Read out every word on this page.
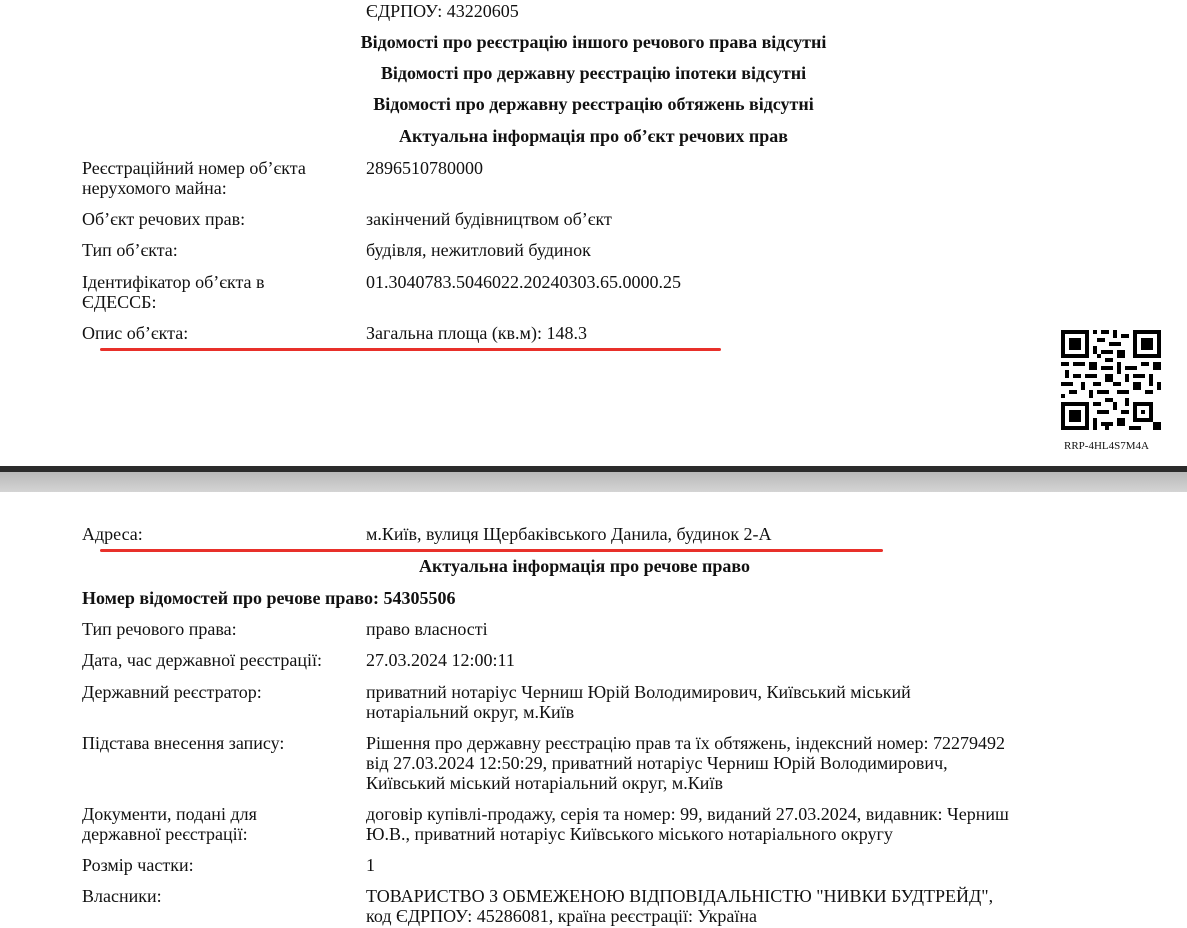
ЄДРПОУ: 43220605
Відомості про реєстрацію іншого речового права відсутні
Відомості про державну реєстрацію іпотеки відсутні
Відомості про державну реєстрацію обтяжень відсутні
Актуальна інформація про об’єкт речових прав
Реєстраційний номер об’єкта
нерухомого майна:
2896510780000
Об’єкт речових прав:	закінчений будівництвом об’єкт
Тип об’єкта:	будівля, нежитловий будинок
Ідентифікатор об’єкта в
ЄДЕССБ:
01.3040783.5046022.20240303.65.0000.25
Опис об’єкта:	Загальна площа (кв.м): 148.3
RRP-4HL4S7M4A
Адреса:	м.Київ, вулиця Щербаківського Данила, будинок 2-А
Актуальна інформація про речове право
Номер відомостей про речове право: 54305506
Тип речового права:	право власності
Дата, час державної реєстрації: 27.03.2024 12:00:11
Державний реєстратор:	приватний нотаріус Черниш Юрій Володимирович, Київський міський
нотаріальний округ, м.Київ
Підстава внесення запису:	Рішення про державну реєстрацію прав та їх обтяжень, індексний номер: 72279492
від 27.03.2024 12:50:29, приватний нотаріус Черниш Юрій Володимирович,
Київський міський нотаріальний округ, м.Київ
Документи, подані для
державної реєстрації:
договір купівлі-продажу, серія та номер: 99, виданий 27.03.2024, видавник: Черниш
Ю.В., приватний нотаріус Київського міського нотаріального округу
Розмір частки:	1
Власники:	ТОВАРИСТВО З ОБМЕЖЕНОЮ ВІДПОВІДАЛЬНІСТЮ "НИВКИ БУДТРЕЙД",
код ЄДРПОУ: 45286081, країна реєстрації: Україна
